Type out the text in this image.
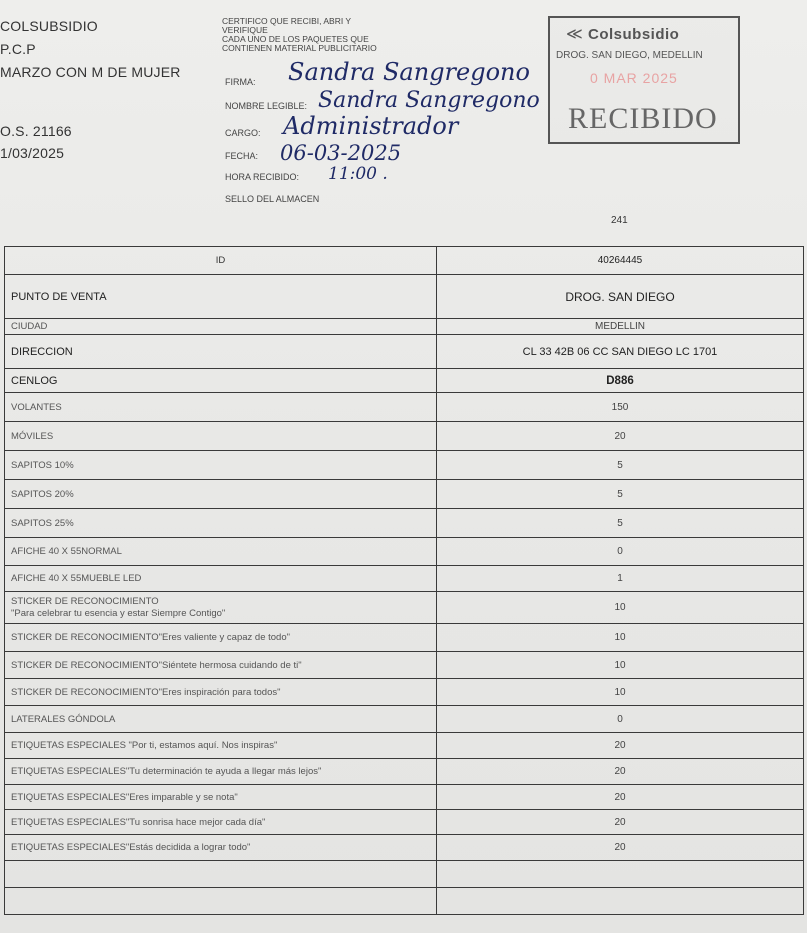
COLSUBSIDIO
P.C.P
MARZO CON M DE MUJER
O.S. 21166
1/03/2025
CERTIFICO QUE RECIBI, ABRI Y
VERIFIQUE
CADA UNO DE LOS PAQUETES QUE
CONTIENEN MATERIAL PUBLICITARIO
FIRMA: Sandra Sangregono
NOMBRE LEGIBLE: Sandra Sangregono
CARGO: Administrador
FECHA: 06-03-2025
HORA RECIBIDO: 11:00 .
SELLO DEL ALMACEN
241
≪ Colsubsidio
DROG. SAN DIEGO, MEDELLIN
0 MAR 2025
RECIBIDO
ID	40264445
PUNTO DE VENTA	DROG. SAN DIEGO
CIUDAD	MEDELLIN
DIRECCION	CL 33 42B 06 CC SAN DIEGO LC 1701
CENLOG	D886
VOLANTES	150
MÓVILES	20
SAPITOS 10%	5
SAPITOS 20%	5
SAPITOS 25%	5
AFICHE 40 X 55NORMAL	0
AFICHE 40 X 55MUEBLE LED	1

STICKER DE RECONOCIMIENTO
"Para celebrar tu esencia y estar Siempre Contigo"	10
STICKER DE RECONOCIMIENTO"Eres valiente y capaz de todo"	10
STICKER DE RECONOCIMIENTO"Siéntete hermosa cuidando de ti"	10
STICKER DE RECONOCIMIENTO"Eres inspiración para todos"	10
LATERALES GÓNDOLA	0
ETIQUETAS ESPECIALES "Por ti, estamos aquí. Nos inspiras"	20
ETIQUETAS ESPECIALES"Tu determinación te ayuda a llegar más lejos"	20
ETIQUETAS ESPECIALES"Eres imparable y se nota"	20
ETIQUETAS ESPECIALES"Tu sonrisa hace mejor cada día"	20
ETIQUETAS ESPECIALES"Estás decidida a lograr todo"	20
